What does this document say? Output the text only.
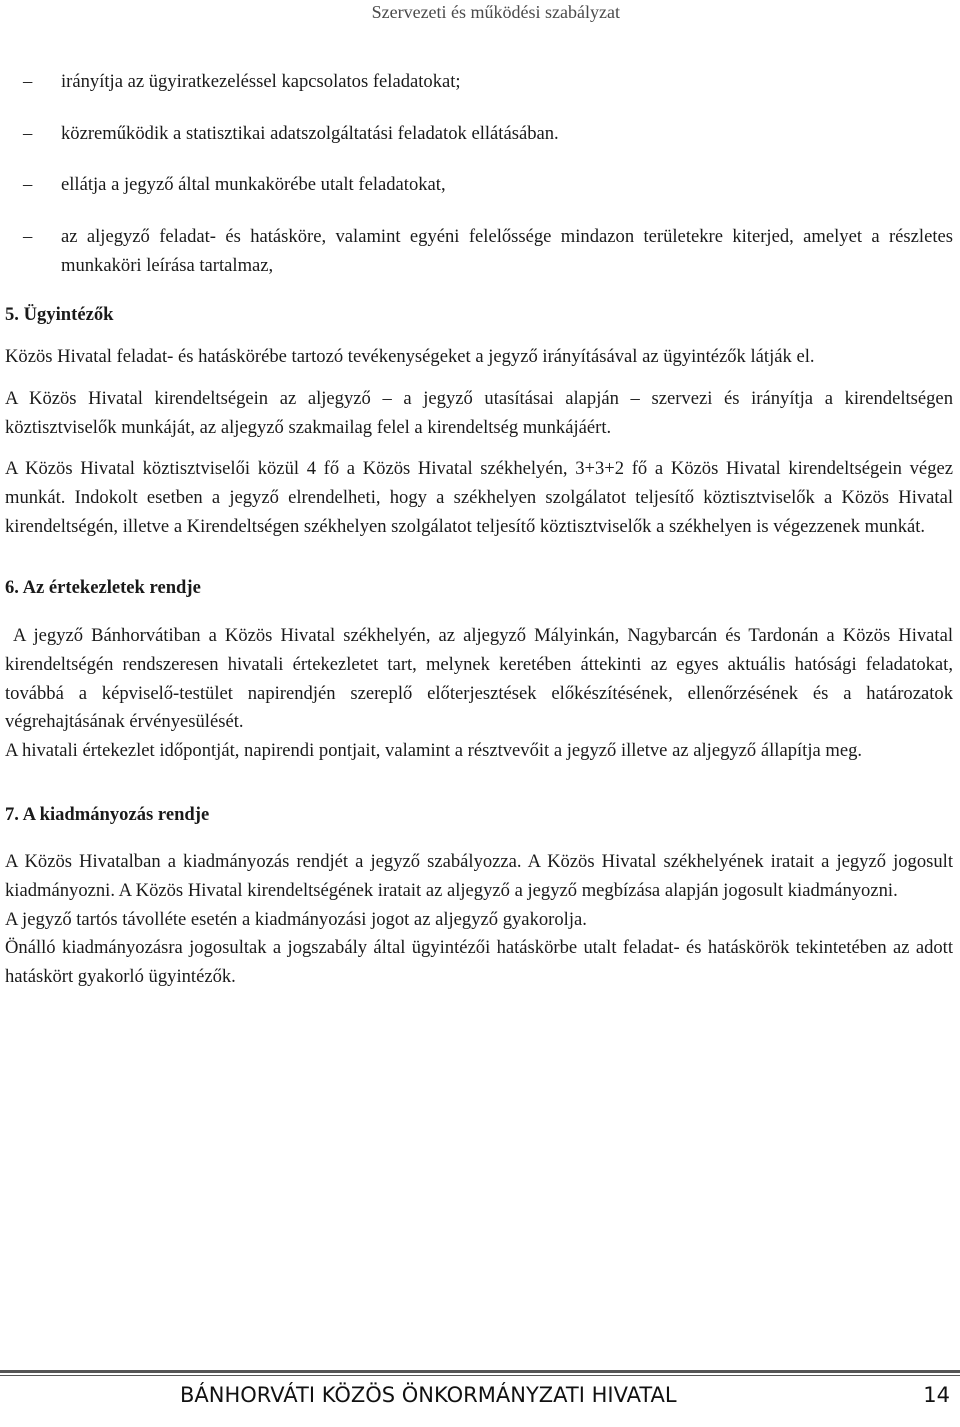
Szervezeti és működési szabályzat
– irányítja az ügyiratkezeléssel kapcsolatos feladatokat;
– közreműködik a statisztikai adatszolgáltatási feladatok ellátásában.
– ellátja a jegyző által munkakörébe utalt feladatokat,
– az aljegyző feladat- és hatásköre, valamint egyéni felelőssége mindazon területekre kiterjed, amelyet a részletes munkaköri leírása tartalmaz,
5. Ügyintézők

Közös Hivatal feladat- és hatáskörébe tartozó tevékenységeket a jegyző irányításával az ügyintézők látják el.

A Közös Hivatal kirendeltségein az aljegyző – a jegyző utasításai alapján – szervezi és irányítja a kirendeltségen köztisztviselők munkáját, az aljegyző szakmailag felel a kirendeltség munkájáért.

A Közös Hivatal köztisztviselői közül 4 fő a Közös Hivatal székhelyén, 3+3+2 fő a Közös Hivatal kirendeltségein végez munkát. Indokolt esetben a jegyző elrendelheti, hogy a székhelyen szolgálatot teljesítő köztisztviselők a Közös Hivatal kirendeltségén, illetve a Kirendeltségen székhelyen szolgálatot teljesítő köztisztviselők a székhelyen is végezzenek munkát.

6. Az értekezletek rendje

A jegyző Bánhorvátiban a Közös Hivatal székhelyén, az aljegyző Mályinkán, Nagybarcán és Tardonán a Közös Hivatal kirendeltségén rendszeresen hivatali értekezletet tart, melynek keretében áttekinti az egyes aktuális hatósági feladatokat, továbbá a képviselő-testület napirendjén szereplő előterjesztések előkészítésének, ellenőrzésének és a határozatok végrehajtásának érvényesülését.

A hivatali értekezlet időpontját, napirendi pontjait, valamint a résztvevőit a jegyző illetve az aljegyző állapítja meg.

7. A kiadmányozás rendje

A Közös Hivatalban a kiadmányozás rendjét a jegyző szabályozza. A Közös Hivatal székhelyének iratait a jegyző jogosult kiadmányozni. A Közös Hivatal kirendeltségének iratait az aljegyző a jegyző megbízása alapján jogosult kiadmányozni.

A jegyző tartós távolléte esetén a kiadmányozási jogot az aljegyző gyakorolja.

Önálló kiadmányozásra jogosultak a jogszabály által ügyintézői hatáskörbe utalt feladat- és hatáskörök tekintetében az adott hatáskört gyakorló ügyintézők.

BÁNHORVÁTI KÖZÖS ÖNKORMÁNYZATI HIVATAL	14
